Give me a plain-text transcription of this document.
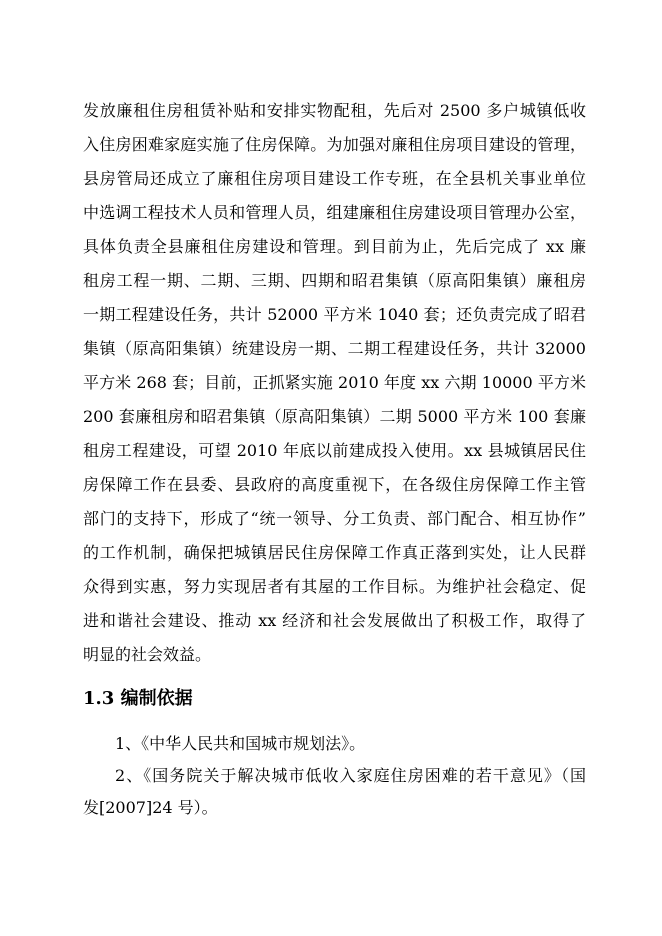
发放廉租住房租赁补贴和安排实物配租，先后对 2500 多户城镇低收
入住房困难家庭实施了住房保障。为加强对廉租住房项目建设的管理，
县房管局还成立了廉租住房项目建设工作专班，在全县机关事业单位
中选调工程技术人员和管理人员，组建廉租住房建设项目管理办公室，
具体负责全县廉租住房建设和管理。到目前为止，先后完成了 xx 廉
租房工程一期、二期、三期、四期和昭君集镇（原高阳集镇）廉租房
一期工程建设任务，共计 52000 平方米 1040 套；还负责完成了昭君
集镇（原高阳集镇）统建设房一期、二期工程建设任务，共计 32000
平方米 268 套；目前，正抓紧实施 2010 年度 xx 六期 10000 平方米
200 套廉租房和昭君集镇（原高阳集镇）二期 5000 平方米 100 套廉
租房工程建设，可望 2010 年底以前建成投入使用。xx 县城镇居民住
房保障工作在县委、县政府的高度重视下，在各级住房保障工作主管
部门的支持下，形成了“统一领导、分工负责、部门配合、相互协作”
的工作机制，确保把城镇居民住房保障工作真正落到实处，让人民群
众得到实惠，努力实现居者有其屋的工作目标。为维护社会稳定、促
进和谐社会建设、推动 xx 经济和社会发展做出了积极工作，取得了
明显的社会效益。
1.3 编制依据
1、《中华人民共和国城市规划法》。
2、《国务院关于解决城市低收入家庭住房困难的若干意见》（国
发[2007]24 号）。
